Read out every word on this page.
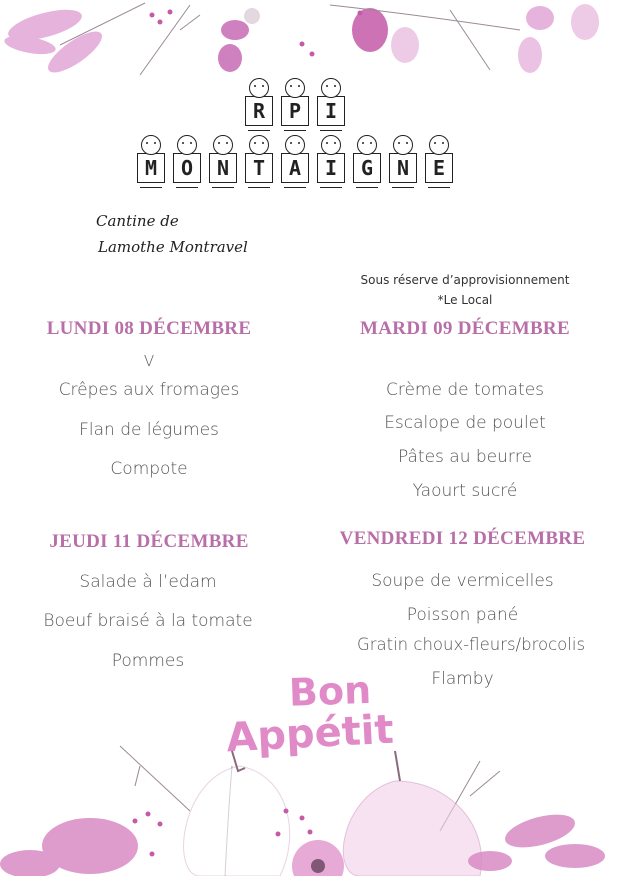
R	P	I
M	O	N	T	A	I	G	N	E
Cantine de
Lamothe Montravel
Sous réserve d’approvisionnement
*Le Local
LUNDI 08 DÉCEMBRE
V
Crêpes aux fromages
Flan de légumes
Compote
MARDI 09 DÉCEMBRE
Crème de tomates
Escalope de poulet
Pâtes au beurre
Yaourt sucré
JEUDI 11 DÉCEMBRE
Salade à l’edam
Boeuf braisé à la tomate
Pommes
VENDREDI 12 DÉCEMBRE
Soupe de vermicelles
Poisson pané
Gratin choux-fleurs/brocolis
Flamby
Bon
Appétit
